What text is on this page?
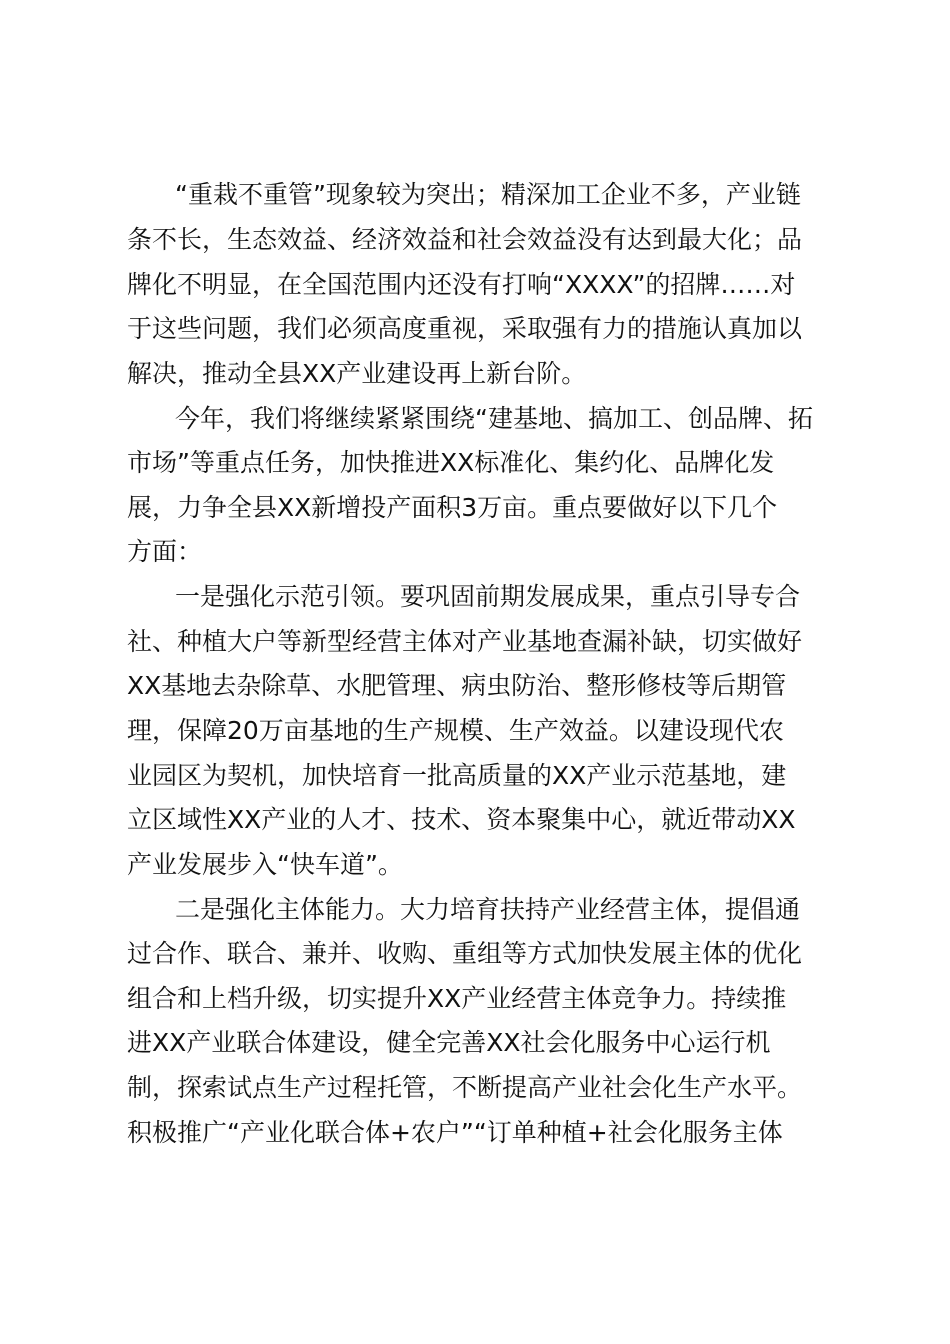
“重栽不重管”现象较为突出；精深加工企业不多，产业链
条不长，生态效益、经济效益和社会效益没有达到最大化；品
牌化不明显，在全国范围内还没有打响“XXXX”的招牌……对
于这些问题，我们必须高度重视，采取强有力的措施认真加以
解决，推动全县XX产业建设再上新台阶。
今年，我们将继续紧紧围绕“建基地、搞加工、创品牌、拓
市场”等重点任务，加快推进XX标准化、集约化、品牌化发
展，力争全县XX新增投产面积3万亩。重点要做好以下几个
方面：
一是强化示范引领。要巩固前期发展成果，重点引导专合
社、种植大户等新型经营主体对产业基地查漏补缺，切实做好
XX基地去杂除草、水肥管理、病虫防治、整形修枝等后期管
理，保障20万亩基地的生产规模、生产效益。以建设现代农
业园区为契机，加快培育一批高质量的XX产业示范基地，建
立区域性XX产业的人才、技术、资本聚集中心，就近带动XX
产业发展步入“快车道”。
二是强化主体能力。大力培育扶持产业经营主体，提倡通
过合作、联合、兼并、收购、重组等方式加快发展主体的优化
组合和上档升级，切实提升XX产业经营主体竞争力。持续推
进XX产业联合体建设，健全完善XX社会化服务中心运行机
制，探索试点生产过程托管，不断提高产业社会化生产水平。
积极推广“产业化联合体+农户”“订单种植+社会化服务主体
